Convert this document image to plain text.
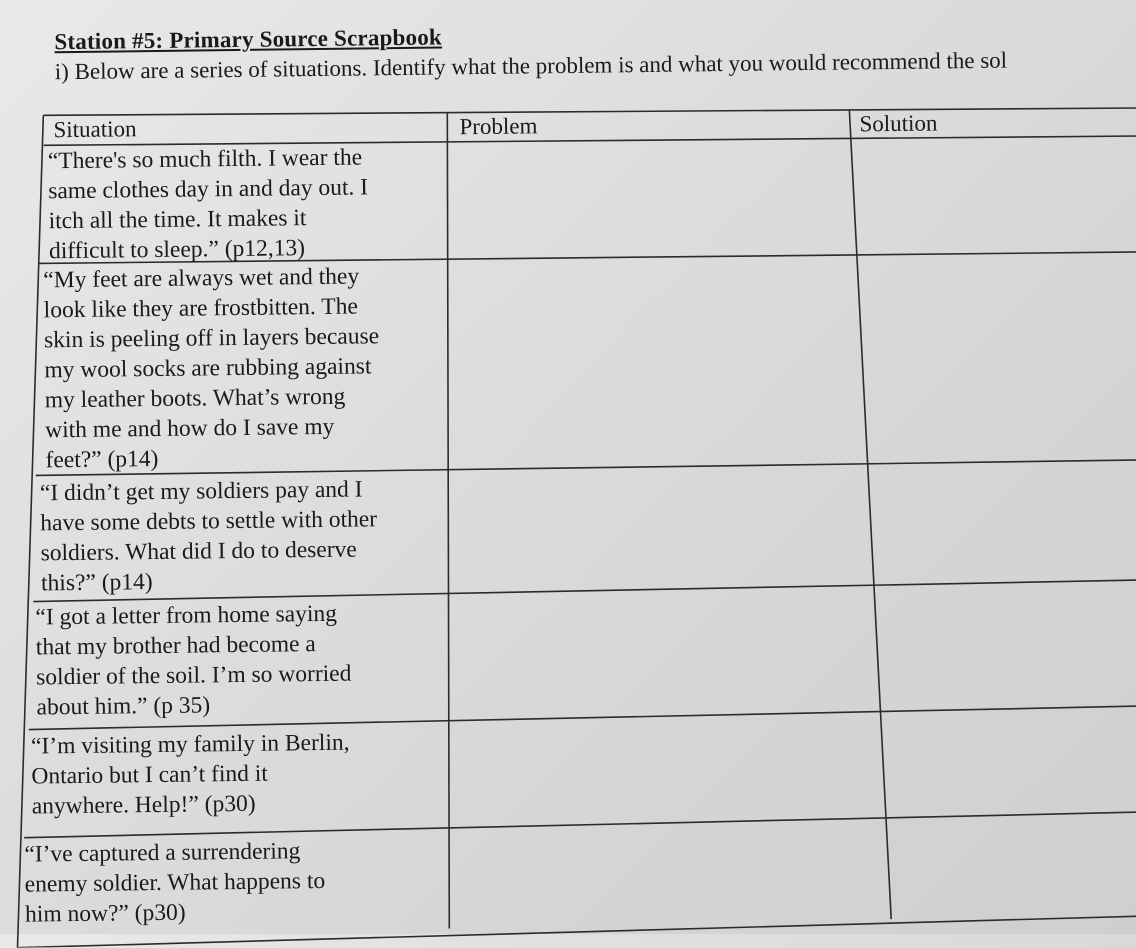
Station #5: Primary Source Scrapbook
i) Below are a series of situations. Identify what the problem is and what you would recommend the sol
Situation	Problem	Solution
“There's so much filth. I wear the
same clothes day in and day out. I
itch all the time. It makes it
difficult to sleep.” (p12,13)
“My feet are always wet and they
look like they are frostbitten. The
skin is peeling off in layers because
my wool socks are rubbing against
my leather boots. What’s wrong
with me and how do I save my
feet?” (p14)
“I didn’t get my soldiers pay and I
have some debts to settle with other
soldiers. What did I do to deserve
this?” (p14)
“I got a letter from home saying
that my brother had become a
soldier of the soil. I’m so worried
about him.” (p 35)
“I’m visiting my family in Berlin,
Ontario but I can’t find it
anywhere. Help!” (p30)
“I’ve captured a surrendering
enemy soldier. What happens to
him now?” (p30)
